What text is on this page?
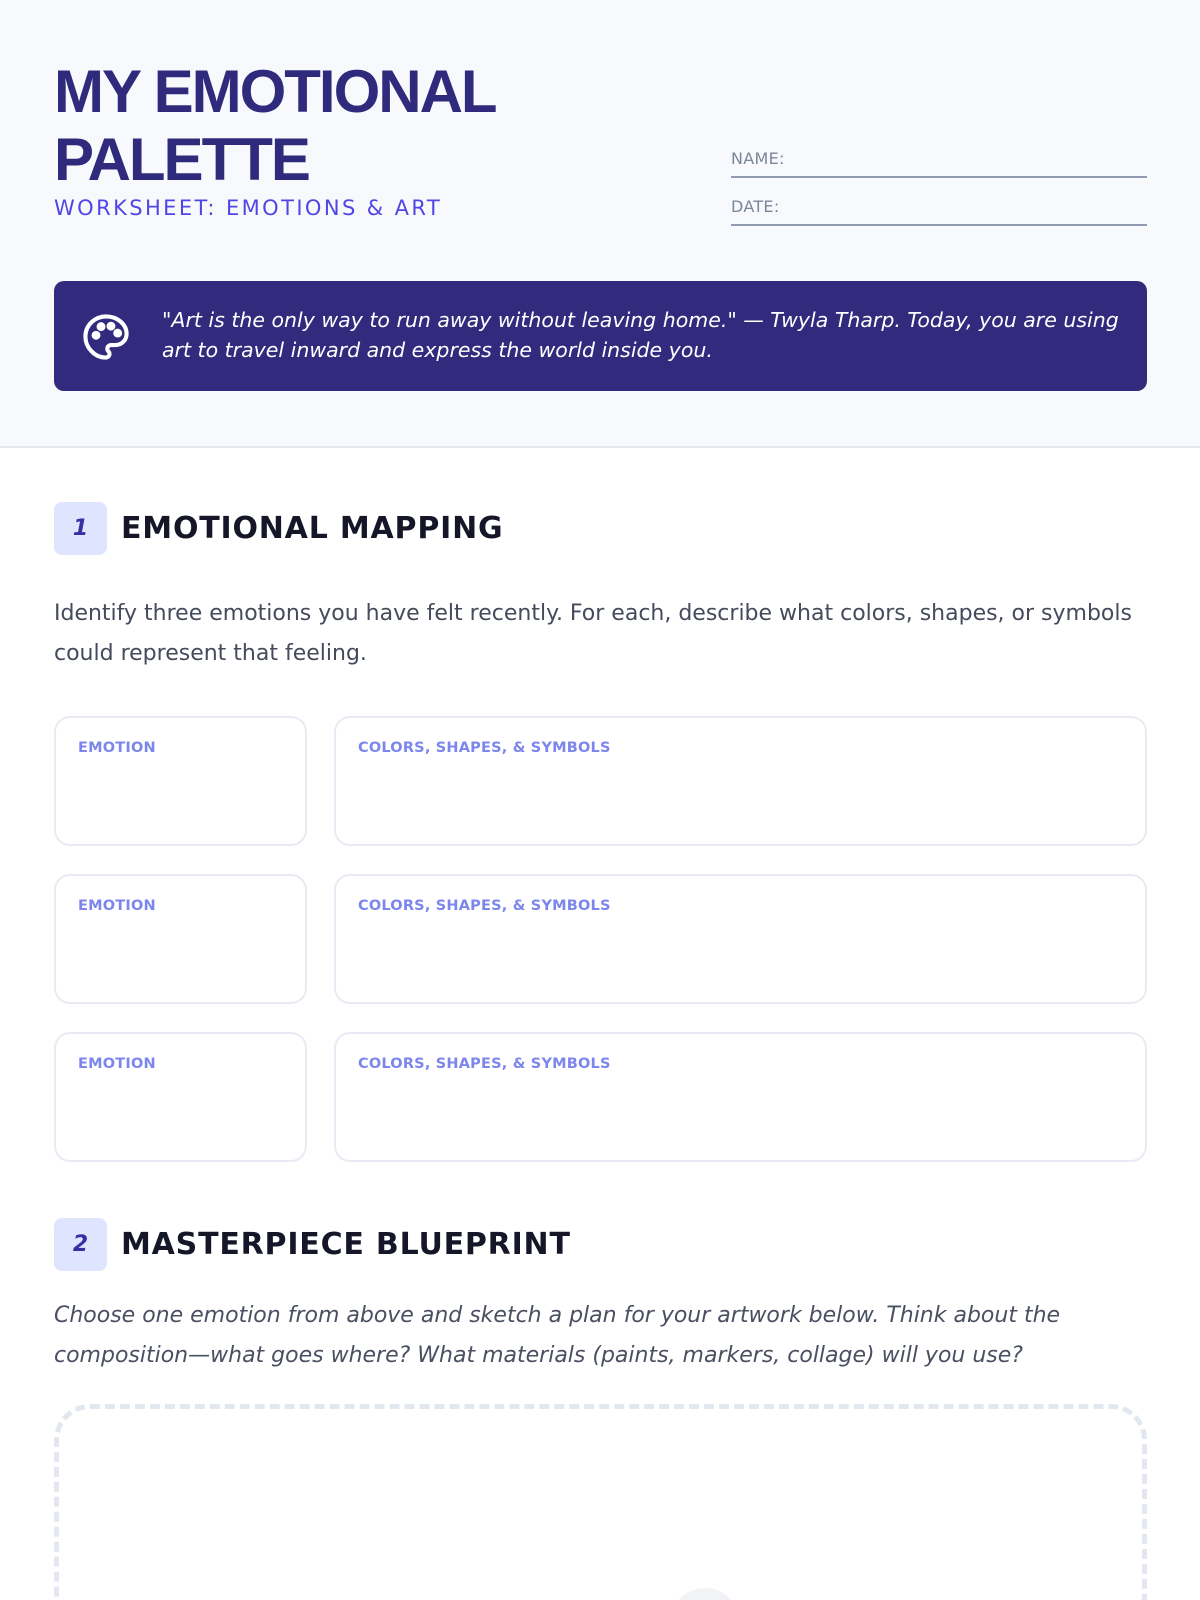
MY EMOTIONAL
PALETTE
WORKSHEET: EMOTIONS & ART
NAME:
DATE:
"Art is the only way to run away without leaving home." — Twyla Tharp. Today, you are using art to travel inward and express the world inside you.
1	EMOTIONAL MAPPING
Identify three emotions you have felt recently. For each, describe what colors, shapes, or symbols could represent that feeling.
EMOTION	COLORS, SHAPES, & SYMBOLS
EMOTION	COLORS, SHAPES, & SYMBOLS
EMOTION	COLORS, SHAPES, & SYMBOLS
2	MASTERPIECE BLUEPRINT
Choose one emotion from above and sketch a plan for your artwork below. Think about the composition—what goes where? What materials (paints, markers, collage) will you use?
